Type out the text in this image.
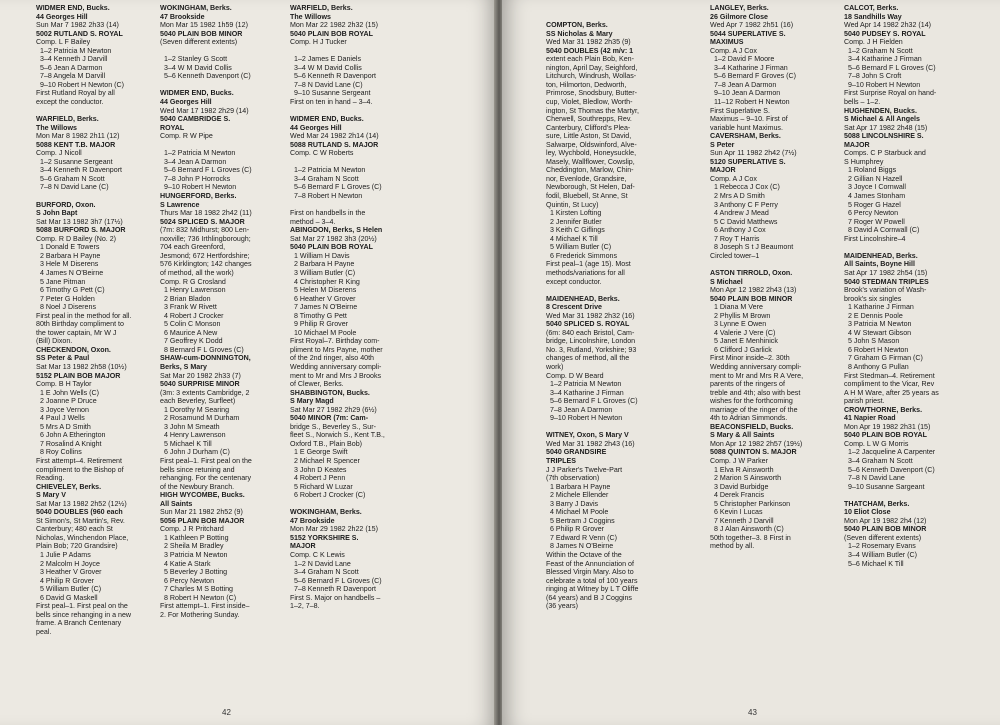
WIDMER END, Bucks.
44 Georges Hill
Sun Mar 7 1982 2h33 (14)
5002 RUTLAND S. ROYAL
Comp. L F Bailey
1–2 Patricia M Newton
3–4 Kenneth J Darvill
5–6 Jean A Darmon
7–8 Angela M Darvill
9–10 Robert H Newton (C)
First Rutland Royal by all
except the conductor.
WARFIELD, Berks.
The Willows
Mon Mar 8 1982 2h11 (12)
5088 KENT T.B. MAJOR
Comp. J Nicoll
1–2 Susanne Sergeant
3–4 Kenneth R Davenport
5–6 Graham N Scott
7–8 N David Lane (C)
BURFORD, Oxon.
S John Bapt
Sat Mar 13 1982 3h7 (17½)
5088 BURFORD S. MAJOR
Comp. R D Bailey (No. 2)
1 Donald E Towers
2 Barbara H Payne
3 Hele M Diserens
4 James N O'Beirne
5 Jane Pitman
6 Timothy G Pett (C)
7 Peter G Holden
8 Noel J Diserens
First peal in the method for all.
80th Birthday compliment to
the tower captain, Mr W J
(Bill) Dixon.
CHECKENDON, Oxon.
SS Peter & Paul
Sat Mar 13 1982 2h58 (10½)
5152 PLAIN BOB MAJOR
Comp. B H Taylor
1 E John Wells (C)
2 Joanne P Druce
3 Joyce Vernon
4 Paul J Wells
5 Mrs A D Smith
6 John A Etherington
7 Rosalind A Knight
8 Roy Collins
First attempt–4. Retirement
compliment to the Bishop of
Reading.
CHIEVELEY, Berks.
S Mary V
Sat Mar 13 1982 2h52 (12½)
5040 DOUBLES (960 each
St Simon's, St Martin's, Rev.
Canterbury; 480 each St
Nicholas, Winchendon Place,
Plain Bob; 720 Grandsire)
1 Julie P Adams
2 Malcolm H Joyce
3 Heather V Grover
4 Philip R Grover
5 William Butler (C)
6 David G Maskell
First peal–1. First peal on the
bells since rehanging in a new
frame. A Branch Centenary
peal.
WOKINGHAM, Berks.
47 Brookside
Mon Mar 15 1982 1h59 (12)
5040 PLAIN BOB MINOR
(Seven different extents)
1–2 Stanley G Scott
3–4 W M David Collis
5–6 Kenneth Davenport (C)
WIDMER END, Bucks.
44 Georges Hill
Wed Mar 17 1982 2h29 (14)
5040 CAMBRIDGE S.
ROYAL
Comp. R W Pipe
1–2 Patricia M Newton
3–4 Jean A Darmon
5–6 Bernard F L Groves (C)
7–8 John P Horrocks
9–10 Robert H Newton
HUNGERFORD, Berks.
S Lawrence
Thurs Mar 18 1982 2h42 (11)
5024 SPLICED S. MAJOR
(7m: 832 Midhurst; 800 Len-
noxville; 736 Irthlingborough;
704 each Greenford,
Jesmond; 672 Hertfordshire;
576 Kirklington; 142 changes
of method, all the work)
Comp. R G Crosland
1 Henry Lawrenson
2 Brian Bladon
3 Frank W Rivett
4 Robert J Crocker
5 Colin C Monson
6 Maurice A New
7 Geoffrey K Dodd
8 Bernard F L Groves (C)
SHAW-cum-DONNINGTON,
Berks, S Mary
Sat Mar 20 1982 2h33 (7)
5040 SURPRISE MINOR
(3m: 3 extents Cambridge, 2
each Beverley, Surfleet)
1 Dorothy M Searing
2 Rosamund M Durham
3 John M Smeath
4 Henry Lawrenson
5 Michael K Till
6 John J Durham (C)
First peal–1. First peal on the
bells since retuning and
rehanging. For the centenary
of the Newbury Branch.
HIGH WYCOMBE, Bucks.
All Saints
Sun Mar 21 1982 2h52 (9)
5056 PLAIN BOB MAJOR
Comp. J R Pritchard
1 Kathleen P Botting
2 Sheila M Bradley
3 Patricia M Newton
4 Katie A Stark
5 Beverley J Botting
6 Percy Newton
7 Charles M S Botting
8 Robert H Newton (C)
First attempt–1. First inside–
2. For Mothering Sunday.
WARFIELD, Berks.
The Willows
Mon Mar 22 1982 2h32 (15)
5040 PLAIN BOB ROYAL
Comp. H J Tucker
1–2 James E Daniels
3–4 W M David Collis
5–6 Kenneth R Davenport
7–8 N David Lane (C)
9–10 Susanne Sergeant
First on ten in hand – 3–4.
WIDMER END, Bucks.
44 Georges Hill
Wed Mar 24 1982 2h14 (14)
5088 RUTLAND S. MAJOR
Comp. C W Roberts
1–2 Patricia M Newton
3–4 Graham N Scott
5–6 Bernard F L Groves (C)
7–8 Robert H Newton
First on handbells in the
method – 3–4.
ABINGDON, Berks, S Helen
Sat Mar 27 1982 3h3 (20½)
5040 PLAIN BOB ROYAL
1 William H Davis
2 Barbara H Payne
3 William Butler (C)
4 Christopher R King
5 Helen M Diserens
6 Heather V Grover
7 James N O'Beirne
8 Timothy G Pett
9 Philip R Grover
10 Michael M Poole
First Royal–7. Birthday com-
pliment to Mrs Payne, mother
of the 2nd ringer, also 40th
Wedding anniversary compli-
ment to Mr and Mrs J Brooks
of Clewer, Berks.
SHABBINGTON, Bucks.
S Mary Magd
Sat Mar 27 1982 2h29 (6½)
5040 MINOR (7m: Cam-
bridge S., Beverley S., Sur-
fleet S., Norwich S., Kent T.B.,
Oxford T.B., Plain Bob)
1 E George Swift
2 Michael R Spencer
3 John D Keates
4 Robert J Penn
5 Richard W Luzar
6 Robert J Crocker (C)
WOKINGHAM, Berks.
47 Brookside
Mon Mar 29 1982 2h22 (15)
5152 YORKSHIRE S.
MAJOR
Comp. C K Lewis
1–2 N David Lane
3–4 Graham N Scott
5–6 Bernard F L Groves (C)
7–8 Kenneth R Davenport
First S. Major on handbells –
1–2, 7–8.
42
COMPTON, Berks.
SS Nicholas & Mary
Wed Mar 31 1982 2h35 (9)
5040 DOUBLES (42 m/v: 1
extent each Plain Bob, Ken-
nington, April Day, Seighford,
Litchurch, Windrush, Wollas-
ton, Hilmorton, Dedworth,
Primrose, Snodsbury, Butter-
cup, Violet, Bledlow, Worth-
ington, St Thomas the Martyr,
Cherwell, Southrepps, Rev.
Canterbury, Clifford's Plea-
sure, Little Aston, St David,
Salwarpe, Oldswinford, Alve-
ley, Wychbold, Honeysuckle,
Masely, Wallflower, Cowslip,
Cheddington, Marlow, Chin-
nor, Evenlode, Grandsire,
Newborough, St Helen, Daf-
fodil, Bluebell, St Anne, St
Quintin, St Lucy)
1 Kirsten Lofting
2 Jennifer Butler
3 Keith C Giflings
4 Michael K Till
5 William Butler (C)
6 Frederick Simmons
First peal–1 (age 15). Most
methods/variations for all
except conductor.
MAIDENHEAD, Berks.
8 Crescent Drive
Wed Mar 31 1982 2h32 (16)
5040 SPLICED S. ROYAL
(6m: 840 each Bristol, Cam-
bridge, Lincolnshire, London
No. 3, Rutland, Yorkshire; 93
changes of method, all the
work)
Comp. D W Beard
1–2 Patricia M Newton
3–4 Katharine J Firman
5–6 Bernard F L Groves (C)
7–8 Jean A Darmon
9–10 Robert H Newton
WITNEY, Oxon, S Mary V
Wed Mar 31 1982 2h43 (16)
5040 GRANDSIRE
TRIPLES
J J Parker's Twelve-Part
(7th observation)
1 Barbara H Payne
2 Michele Ellender
3 Barry J Davis
4 Michael M Poole
5 Bertram J Coggins
6 Philip R Grover
7 Edward R Venn (C)
8 James N O'Beirne
Within the Octave of the
Feast of the Annunciation of
Blessed Virgin Mary. Also to
celebrate a total of 100 years
ringing at Witney by L T Oliffe
(64 years) and B J Coggins
(36 years)
LANGLEY, Berks.
26 Gilmore Close
Wed Apr 7 1982 2h51 (16)
5044 SUPERLATIVE S.
MAXIMUS
Comp. A J Cox
1–2 David F Moore
3–4 Katharine J Firman
5–6 Bernard F Groves (C)
7–8 Jean A Darmon
9–10 Jean A Darmon
11–12 Robert H Newton
First Superlative S.
Maximus – 9–10. First of
variable hunt Maximus.
CAVERSHAM, Berks.
S Peter
Sun Apr 11 1982 2h42 (7½)
5120 SUPERLATIVE S.
MAJOR
Comp. A J Cox
1 Rebecca J Cox (C)
2 Mrs A D Smith
3 Anthony C F Perry
4 Andrew J Mead
5 C David Matthews
6 Anthony J Cox
7 Roy T Harris
8 Joseph S t J Beaumont
Circled tower–1
ASTON TIRROLD, Oxon.
S Michael
Mon Apr 12 1982 2h43 (13)
5040 PLAIN BOB MINOR
1 Diana M Vere
2 Phyllis M Brown
3 Lynne E Owen
4 Valerie J Vere (C)
5 Janet E Menhinick
6 Clifford J Garlick
First Minor inside–2. 30th
Wedding anniversary compli-
ment to Mr and Mrs R A Vere,
parents of the ringers of
treble and 4th; also with best
wishes for the forthcoming
marriage of the ringer of the
4th to Adrian Simmonds.
BEACONSFIELD, Bucks.
S Mary & All Saints
Mon Apr 12 1982 2h57 (19½)
5088 QUINTON S. MAJOR
Comp. J W Parker
1 Elva R Ainsworth
2 Marion S Ainsworth
3 David Burbidge
4 Derek Francis
5 Christopher Parkinson
6 Kevin I Lucas
7 Kenneth J Darvill
8 J Alan Ainsworth (C)
50th together–3. 8 First in
method by all.
CALCOT, Berks.
18 Sandhills Way
Wed Apr 14 1982 2h32 (14)
5040 PUDSEY S. ROYAL
Comp. J H Fielden
1–2 Graham N Scott
3–4 Katharine J Firman
5–6 Bernard F L Groves (C)
7–8 John S Croft
9–10 Robert H Newton
First Surprise Royal on hand-
bells – 1–2.
HUGHENDEN, Bucks.
S Michael & All Angels
Sat Apr 17 1982 2h48 (15)
5088 LINCOLNSHIRE S.
MAJOR
Comps. C P Starbuck and
S Humphrey
1 Roland Biggs
2 Gillian N Hazell
3 Joyce I Cornwall
4 James Stonham
5 Roger G Hazel
6 Percy Newton
7 Roger W Powell
8 David A Cornwall (C)
First Lincolnshire–4
MAIDENHEAD, Berks.
All Saints, Boyne Hill
Sat Apr 17 1982 2h54 (15)
5040 STEDMAN TRIPLES
Brook's variation of Wash-
brook's six singles
1 Katharine J Firman
2 E Dennis Poole
3 Patricia M Newton
4 W Stewart Gibson
5 John S Mason
6 Robert H Newton
7 Graham G Firman (C)
8 Anthony G Pullan
First Stedman–4. Retirement
compliment to the Vicar, Rev
A H M Ware, after 25 years as
parish priest.
CROWTHORNE, Berks.
41 Napier Road
Mon Apr 19 1982 2h31 (15)
5040 PLAIN BOB ROYAL
Comp. L W G Morris
1–2 Jacqueline A Carpenter
3–4 Graham N Scott
5–6 Kenneth Davenport (C)
7–8 N David Lane
9–10 Susanne Sargeant
THATCHAM, Berks.
10 Eliot Close
Mon Apr 19 1982 2h4 (12)
5040 PLAIN BOB MINOR
(Seven different extents)
1–2 Rosemary Evans
3–4 William Butler (C)
5–6 Michael K Till
43
